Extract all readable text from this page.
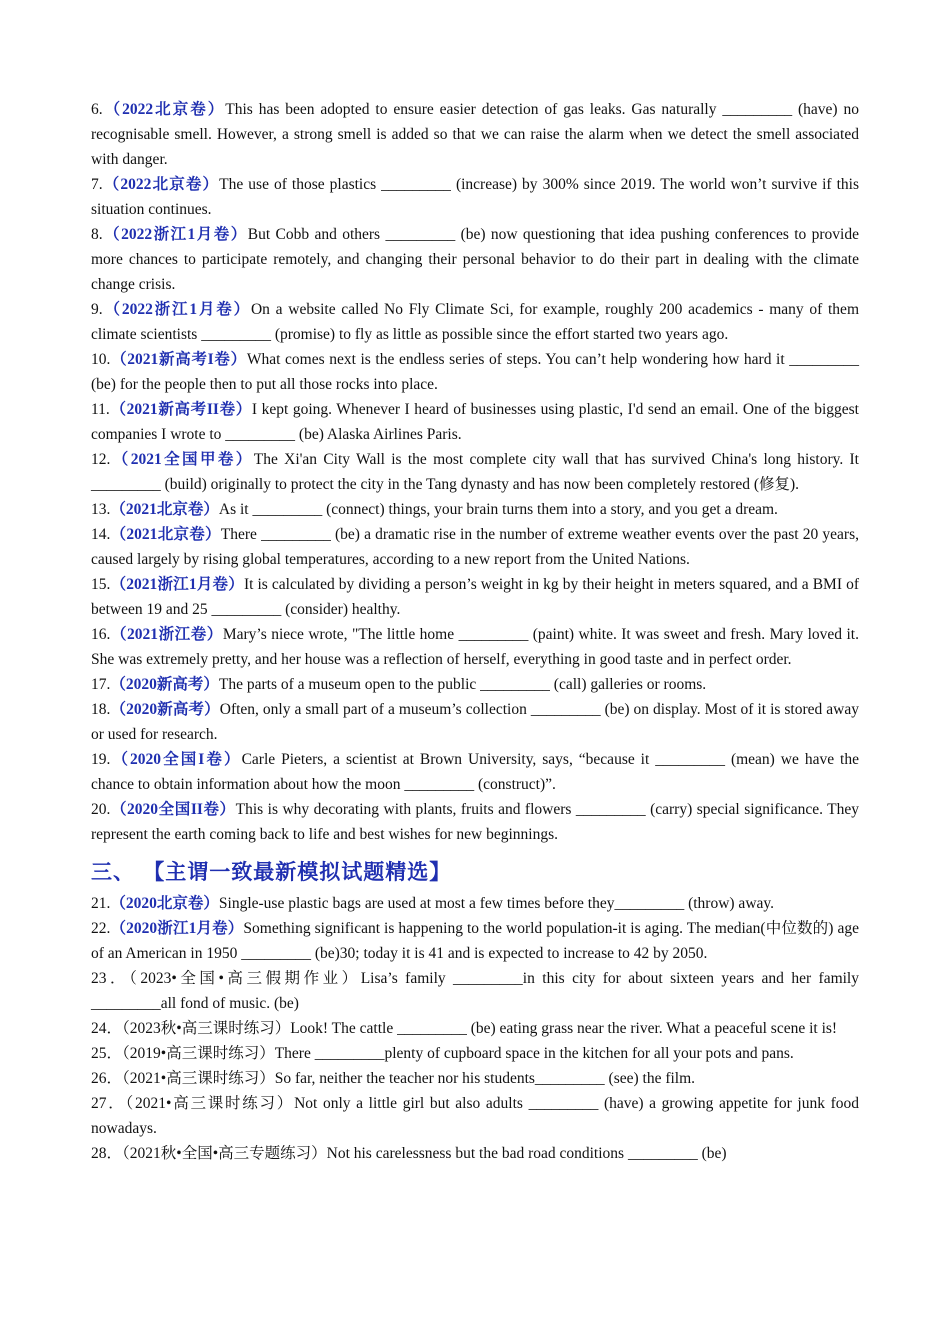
6.（2022北京卷）This has been adopted to ensure easier detection of gas leaks. Gas naturally _________ (have) no recognisable smell. However, a strong smell is added so that we can raise the alarm when we detect the smell associated with danger.

7.（2022北京卷）The use of those plastics _________ (increase) by 300% since 2019. The world won’t survive if this situation continues.

8.（2022浙江1月卷）But Cobb and others _________ (be) now questioning that idea pushing conferences to provide more chances to participate remotely, and changing their personal behavior to do their part in dealing with the climate change crisis.

9.（2022浙江1月卷）On a website called No Fly Climate Sci, for example, roughly 200 academics - many of them climate scientists _________ (promise) to fly as little as possible since the effort started two years ago.

10.（2021新高考I卷）What comes next is the endless series of steps. You can’t help wondering how hard it _________ (be) for the people then to put all those rocks into place.

11.（2021新高考II卷）I kept going. Whenever I heard of businesses using plastic, I'd send an email. One of the biggest companies I wrote to _________ (be) Alaska Airlines Paris.

12.（2021全国甲卷）The Xi'an City Wall is the most complete city wall that has survived China's long history. It _________ (build) originally to protect the city in the Tang dynasty and has now been completely restored (修复).

13.（2021北京卷）As it _________ (connect) things, your brain turns them into a story, and you get a dream.

14.（2021北京卷）There _________ (be) a dramatic rise in the number of extreme weather events over the past 20 years, caused largely by rising global temperatures, according to a new report from the United Nations.

15.（2021浙江1月卷）It is calculated by dividing a person’s weight in kg by their height in meters squared, and a BMI of between 19 and 25 _________ (consider) healthy.

16.（2021浙江卷）Mary’s niece wrote, "The little home _________ (paint) white. It was sweet and fresh. Mary loved it. She was extremely pretty, and her house was a reflection of herself, everything in good taste and in perfect order.

17.（2020新高考）The parts of a museum open to the public _________ (call) galleries or rooms.

18.（2020新高考）Often, only a small part of a museum’s collection _________ (be) on display. Most of it is stored away or used for research.

19.（2020全国I卷）Carle Pieters, a scientist at Brown University, says, “because it _________ (mean) we have the chance to obtain information about how the moon _________ (construct)”.

20.（2020全国II卷）This is why decorating with plants, fruits and flowers _________ (carry) special significance. They represent the earth coming back to life and best wishes for new beginnings.

三、 【主谓一致最新模拟试题精选】

21.（2020北京卷）Single-use plastic bags are used at most a few times before they_________ (throw) away.

22.（2020浙江1月卷）Something significant is happening to the world population-it is aging. The median(中位数的) age of an American in 1950 _________ (be)30; today it is 41 and is expected to increase to 42 by 2050.

23．（2023•全国•高三假期作业）Lisa’s family _________in this city for about sixteen years and her family _________all fond of music. (be)

24．（2023秋•高三课时练习）Look! The cattle _________ (be) eating grass near the river. What a peaceful scene it is!

25．（2019•高三课时练习）There _________plenty of cupboard space in the kitchen for all your pots and pans.

26．（2021•高三课时练习）So far, neither the teacher nor his students_________ (see) the film.

27．（2021•高三课时练习）Not only a little girl but also adults _________ (have) a growing appetite for junk food nowadays.

28．（2021秋•全国•高三专题练习）Not his carelessness but the bad road conditions _________ (be)
